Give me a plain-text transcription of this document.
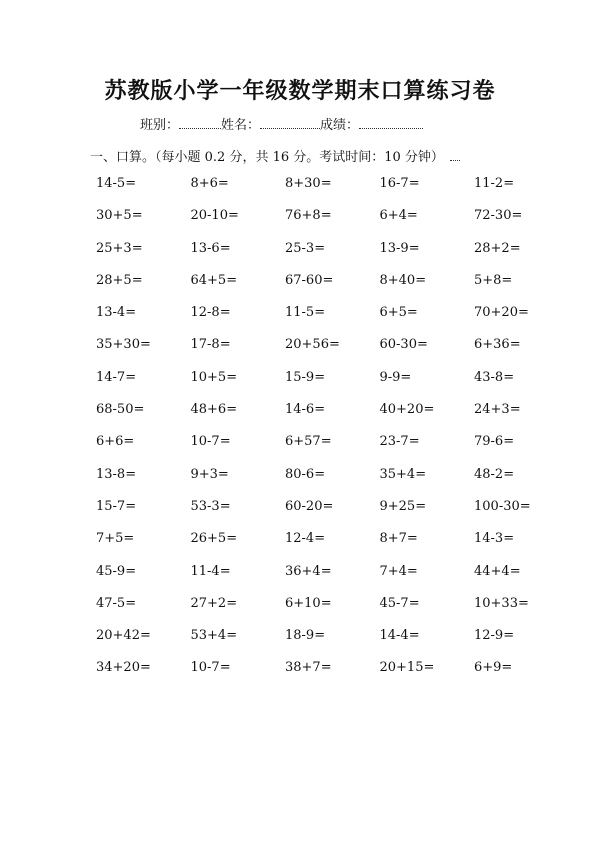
苏教版小学一年级数学期末口算练习卷
班别：	姓名：	成绩：
一、口算。（每小题 0.2 分，共 16 分。考试时间：10 分钟）
14-5=	8+6=	8+30=	16-7=	11-2=
30+5=	20-10=	76+8=	6+4=	72-30=
25+3=	13-6=	25-3=	13-9=	28+2=
28+5=	64+5=	67-60=	8+40=	5+8=
13-4=	12-8=	11-5=	6+5=	70+20=
35+30=	17-8=	20+56=	60-30=	6+36=
14-7=	10+5=	15-9=	9-9=	43-8=
68-50=	48+6=	14-6=	40+20=	24+3=
6+6=	10-7=	6+57=	23-7=	79-6=
13-8=	9+3=	80-6=	35+4=	48-2=
15-7=	53-3=	60-20=	9+25=	100-30=
7+5=	26+5=	12-4=	8+7=	14-3=
45-9=	11-4=	36+4=	7+4=	44+4=
47-5=	27+2=	6+10=	45-7=	10+33=
20+42=	53+4=	18-9=	14-4=	12-9=
34+20=	10-7=	38+7=	20+15=	6+9=
